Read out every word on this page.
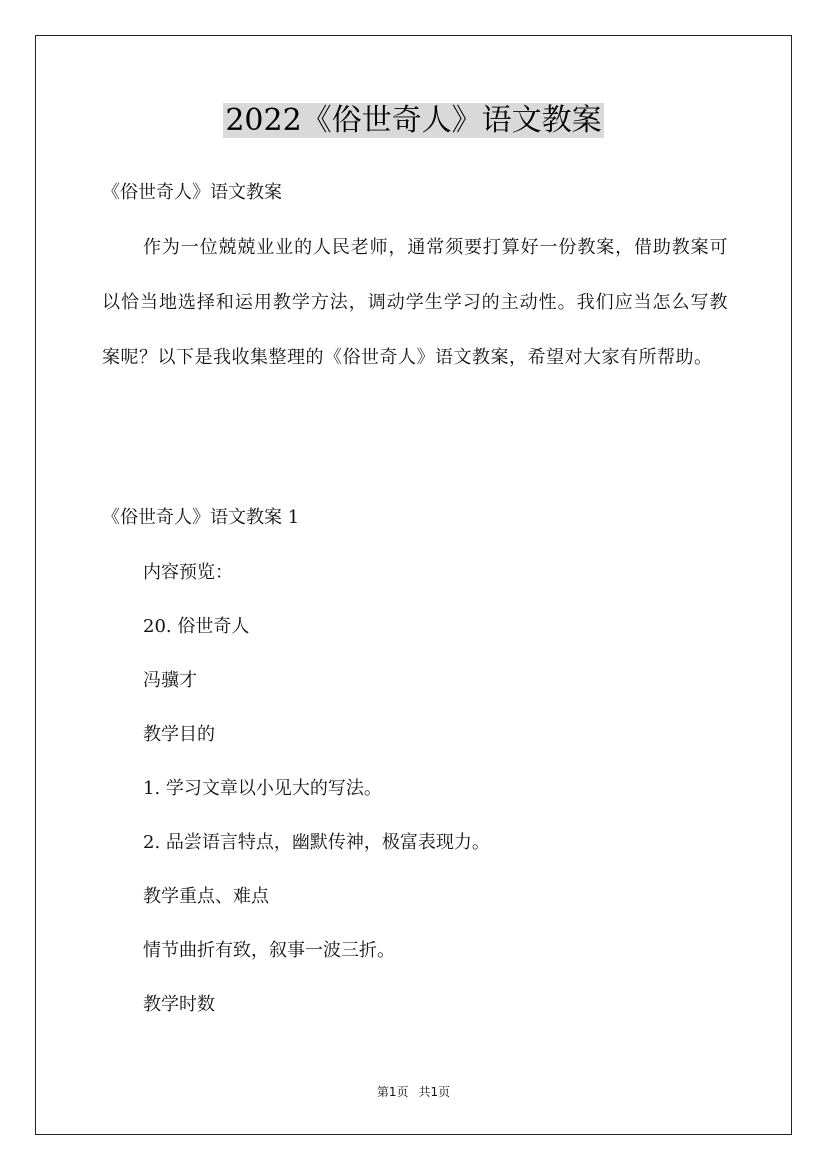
2022《俗世奇人》语文教案
《俗世奇人》语文教案
作为一位兢兢业业的人民老师，通常须要打算好一份教案，借助教案可以恰当地选择和运用教学方法，调动学生学习的主动性。我们应当怎么写教案呢？以下是我收集整理的《俗世奇人》语文教案，希望对大家有所帮助。
《俗世奇人》语文教案 1
内容预览：
20. 俗世奇人
冯骥才
教学目的
1. 学习文章以小见大的写法。
2. 品尝语言特点，幽默传神，极富表现力。
教学重点、难点
情节曲折有致，叙事一波三折。
教学时数
第1页 共1页
